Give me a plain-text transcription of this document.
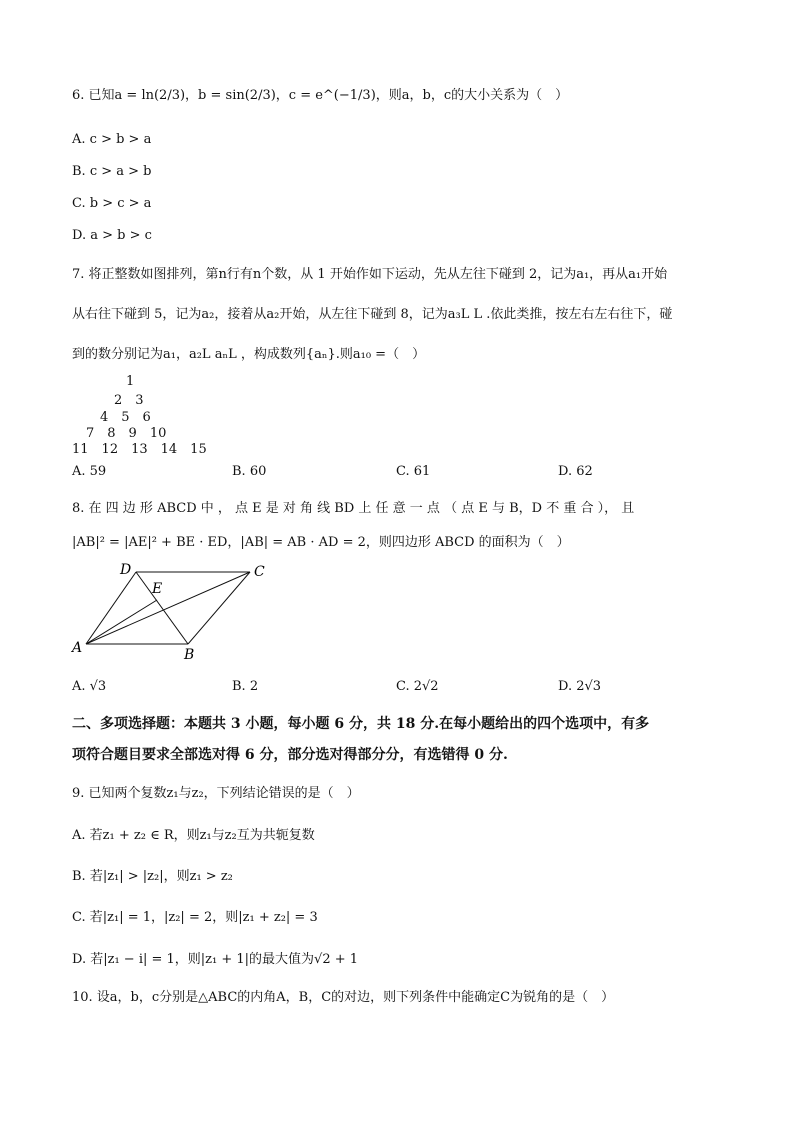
6. 已知a = ln(2/3)，b = sin(2/3)，c = e^(−1/3)，则a，b，c的大小关系为（　）
A. c > b > a
B. c > a > b
C. b > c > a
D. a > b > c
7. 将正整数如图排列，第n行有n个数，从 1 开始作如下运动，先从左往下碰到 2，记为a₁，再从a₁开始
从右往下碰到 5，记为a₂，接着从a₂开始，从左往下碰到 8，记为a₃L L .依此类推，按左右左右往下，碰
到的数分别记为a₁，a₂L aₙL ，构成数列{aₙ}.则a₁₀ =（　）
1
2　3
4　5　6
7　8　9　10
11　12　13　14　15
A. 59	B. 60	C. 61	D. 62
8. 在 四 边 形 ABCD 中 ， 点 E 是 对 角 线 BD 上 任 意 一 点 （ 点 E 与 B，D 不 重 合 ）， 且
|AB|² = |AE|² + BE · ED，|AB| = AB · AD = 2，则四边形 ABCD 的面积为（　）
D	C
E
A	B
A. √3	B. 2	C. 2√2	D. 2√3
二、多项选择题：本题共 3 小题，每小题 6 分，共 18 分.在每小题给出的四个选项中，有多
项符合题目要求全部选对得 6 分，部分选对得部分分，有选错得 0 分.
9. 已知两个复数z₁与z₂，下列结论错误的是（　）
A. 若z₁ + z₂ ∈ R，则z₁与z₂互为共轭复数
B. 若|z₁| > |z₂|，则z₁ > z₂
C. 若|z₁| = 1，|z₂| = 2，则|z₁ + z₂| = 3
D. 若|z₁ − i| = 1，则|z₁ + 1|的最大值为√2 + 1
10. 设a，b，c分别是△ABC的内角A，B，C的对边，则下列条件中能确定C为锐角的是（　）
